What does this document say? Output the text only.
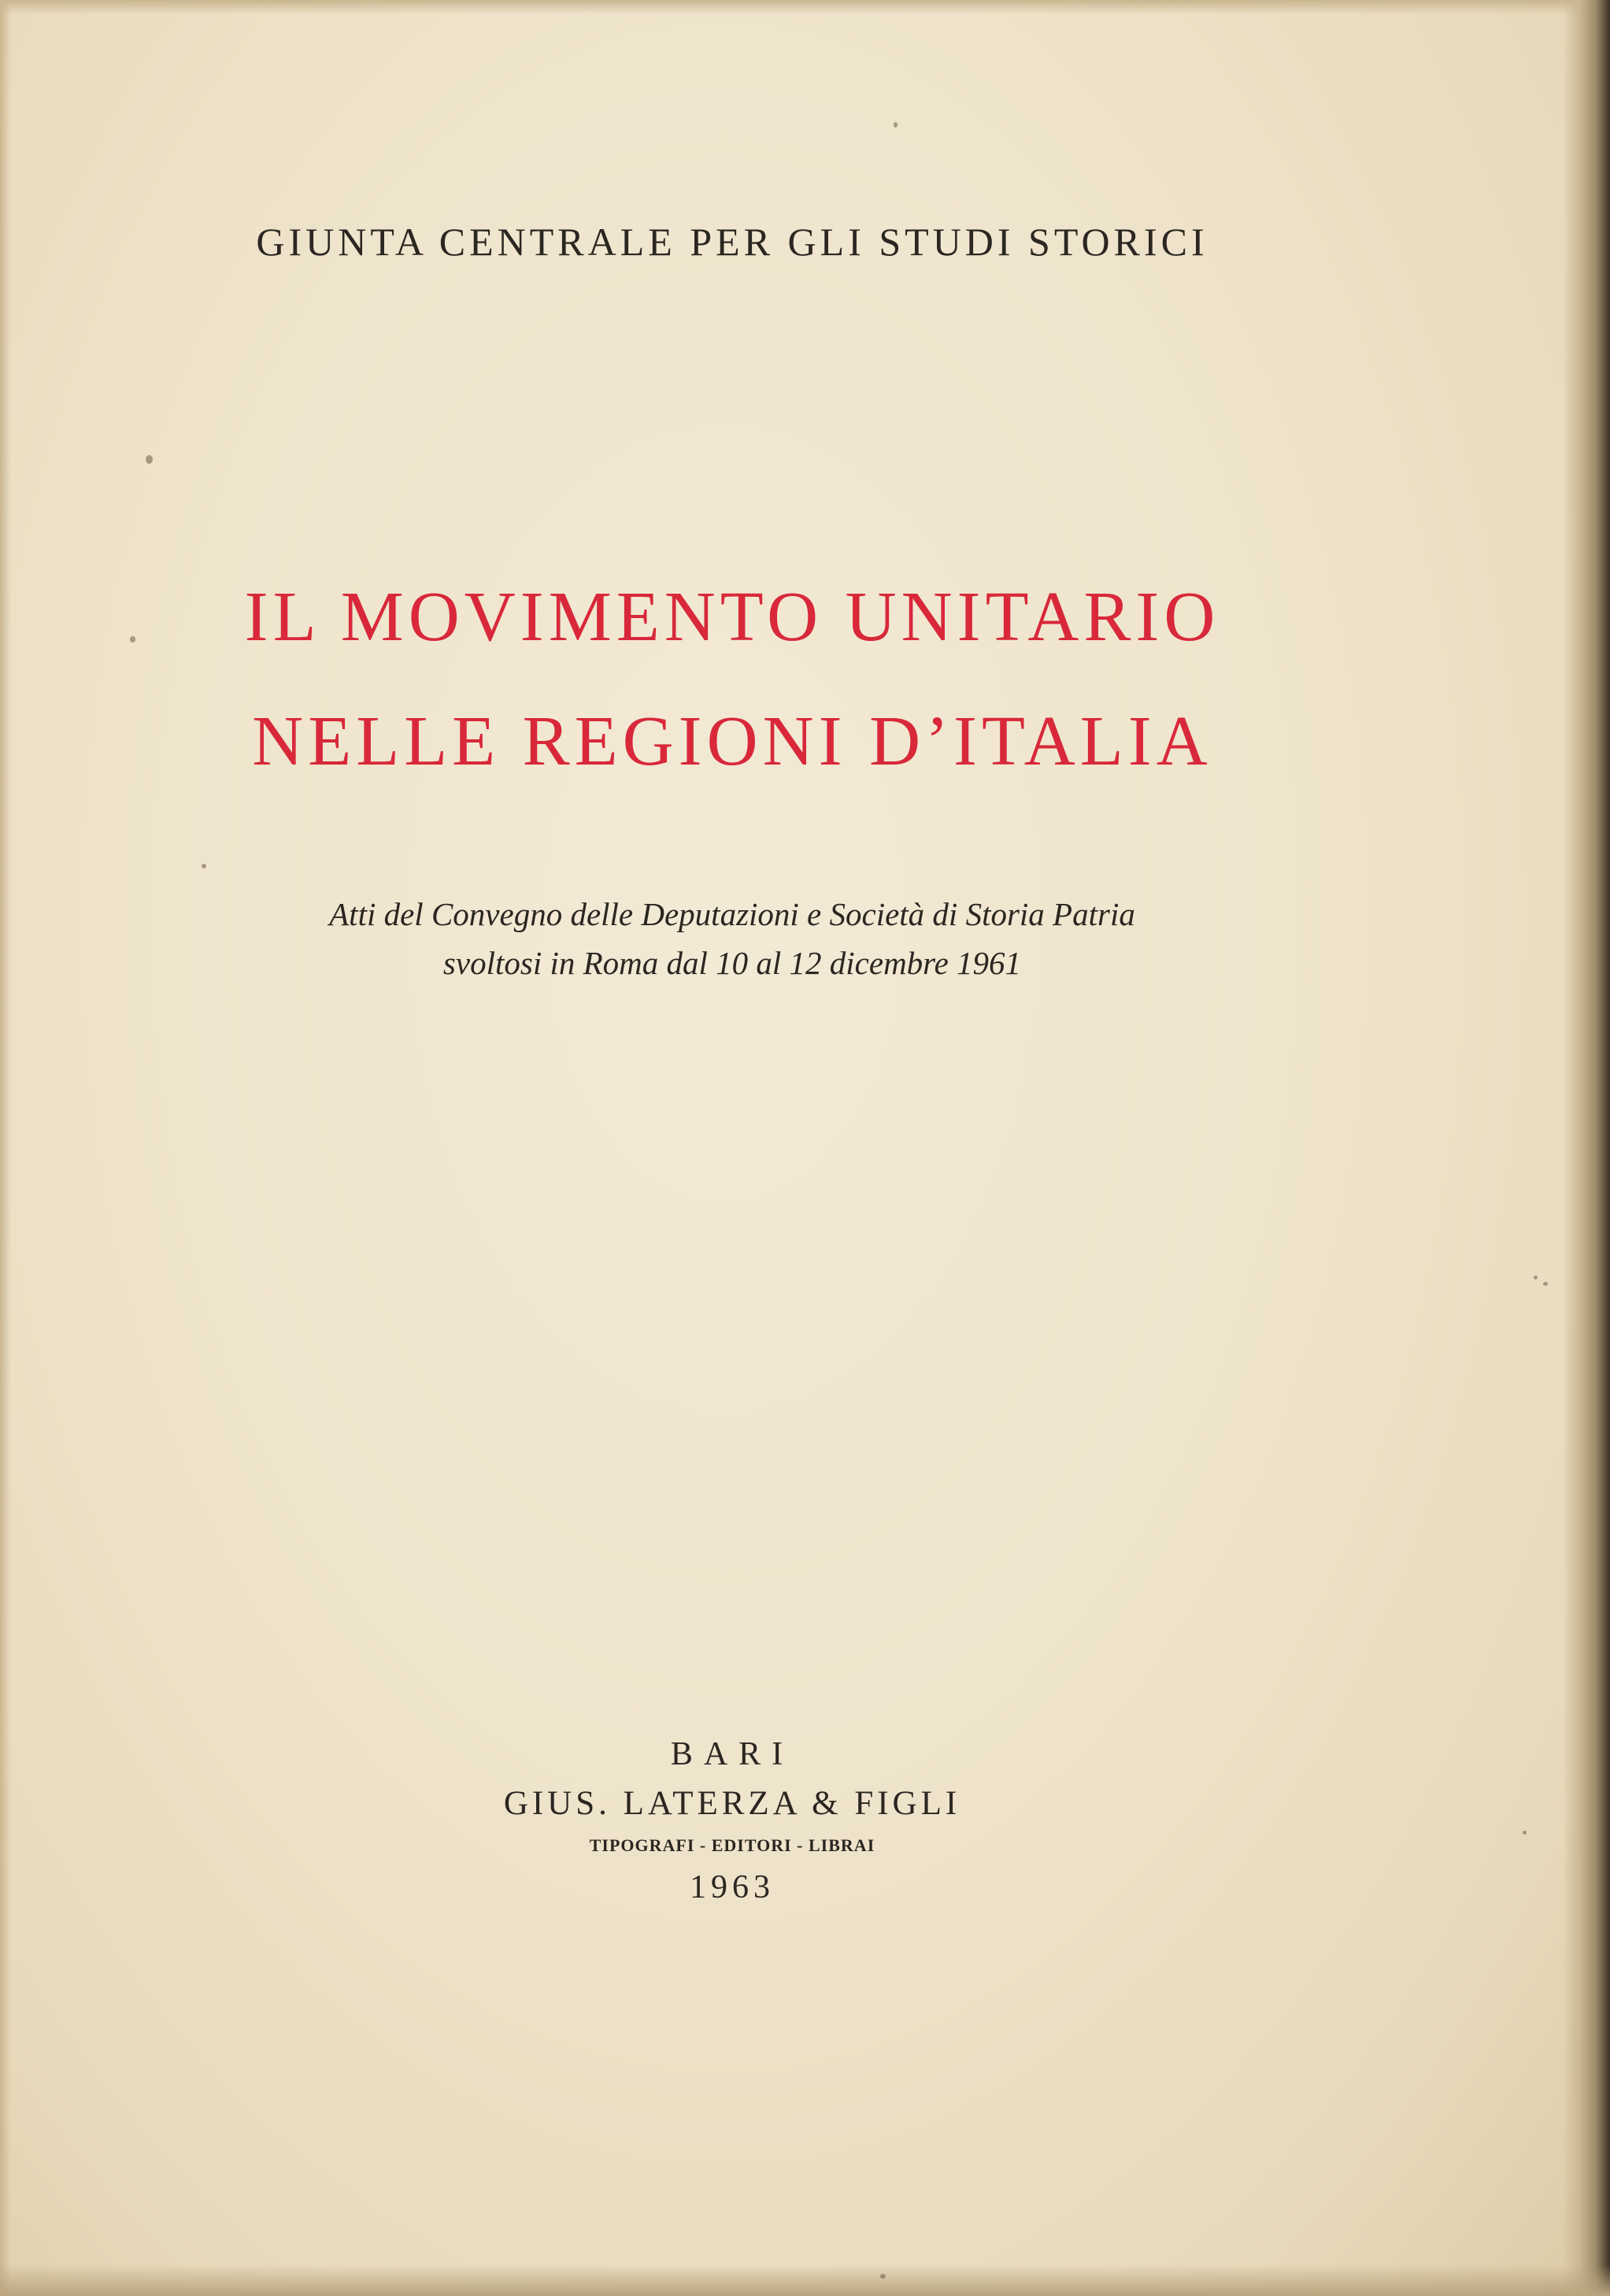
GIUNTA CENTRALE PER GLI STUDI STORICI
IL MOVIMENTO UNITARIO
NELLE REGIONI D’ITALIA
Atti del Convegno delle Deputazioni e Società di Storia Patria
svoltosi in Roma dal 10 al 12 dicembre 1961
BARI
GIUS. LATERZA & FIGLI
TIPOGRAFI - EDITORI - LIBRAI
1963
